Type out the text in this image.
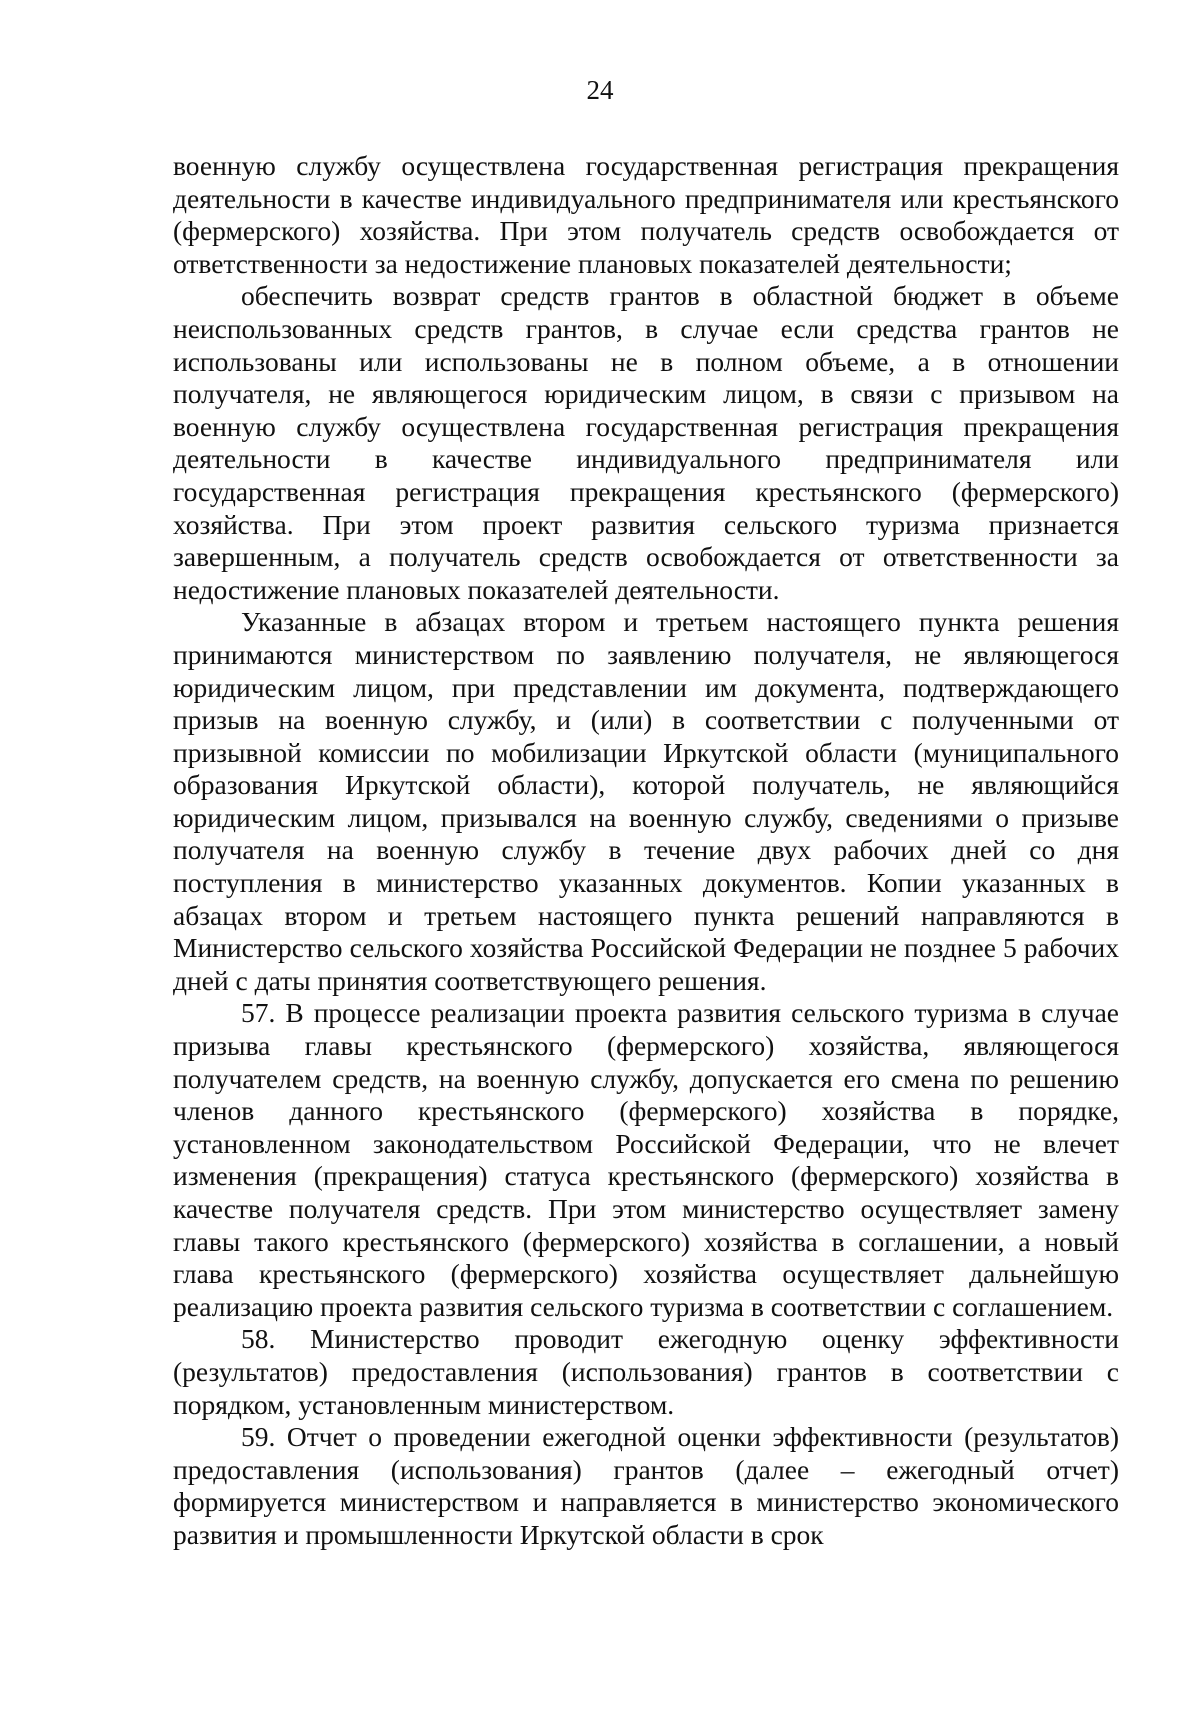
24

военную службу осуществлена государственная регистрация прекращения деятельности в качестве индивидуального предпринимателя или крестьянского (фермерского) хозяйства. При этом получатель средств освобождается от ответственности за недостижение плановых показателей деятельности;

обеспечить возврат средств грантов в областной бюджет в объеме неиспользованных средств грантов, в случае если средства грантов не использованы или использованы не в полном объеме, а в отношении получателя, не являющегося юридическим лицом, в связи с призывом на военную службу осуществлена государственная регистрация прекращения деятельности в качестве индивидуального предпринимателя или государственная регистрация прекращения крестьянского (фермерского) хозяйства. При этом проект развития сельского туризма признается завершенным, а получатель средств освобождается от ответственности за недостижение плановых показателей деятельности.

Указанные в абзацах втором и третьем настоящего пункта решения принимаются министерством по заявлению получателя, не являющегося юридическим лицом, при представлении им документа, подтверждающего призыв на военную службу, и (или) в соответствии с полученными от призывной комиссии по мобилизации Иркутской области (муниципального образования Иркутской области), которой получатель, не являющийся юридическим лицом, призывался на военную службу, сведениями о призыве получателя на военную службу в течение двух рабочих дней со дня поступления в министерство указанных документов. Копии указанных в абзацах втором и третьем настоящего пункта решений направляются в Министерство сельского хозяйства Российской Федерации не позднее 5 рабочих дней с даты принятия соответствующего решения.

57. В процессе реализации проекта развития сельского туризма в случае призыва главы крестьянского (фермерского) хозяйства, являющегося получателем средств, на военную службу, допускается его смена по решению членов данного крестьянского (фермерского) хозяйства в порядке, установленном законодательством Российской Федерации, что не влечет изменения (прекращения) статуса крестьянского (фермерского) хозяйства в качестве получателя средств. При этом министерство осуществляет замену главы такого крестьянского (фермерского) хозяйства в соглашении, а новый глава крестьянского (фермерского) хозяйства осуществляет дальнейшую реализацию проекта развития сельского туризма в соответствии с соглашением.

58. Министерство проводит ежегодную оценку эффективности (результатов) предоставления (использования) грантов в соответствии с порядком, установленным министерством.

59. Отчет о проведении ежегодной оценки эффективности (результатов) предоставления (использования) грантов (далее – ежегодный отчет) формируется министерством и направляется в министерство экономического развития и промышленности Иркутской области в срок
